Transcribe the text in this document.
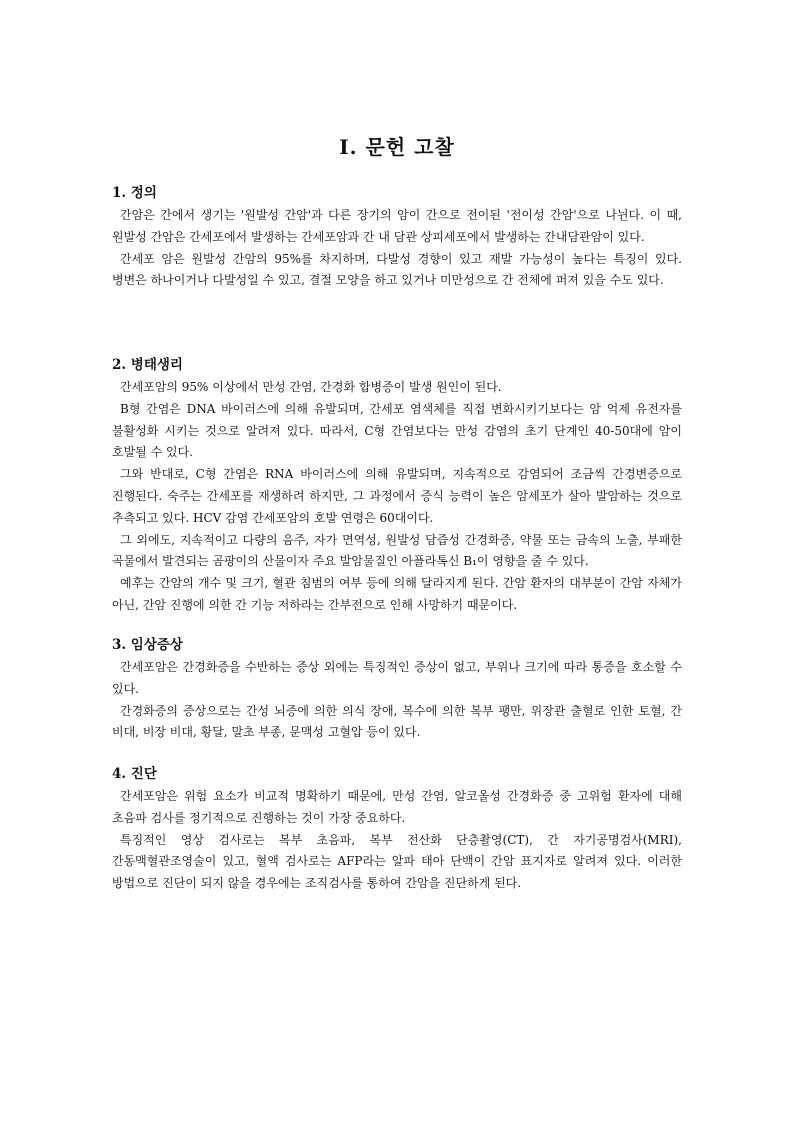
Ⅰ. 문헌 고찰
1. 정의

간암은 간에서 생기는 '원발성 간암'과 다른 장기의 암이 간으로 전이된 '전이성 간암'으로 나뉜다. 이 때, 원발성 간암은 간세포에서 발생하는 간세포암과 간 내 담관 상피세포에서 발생하는 간내담관암이 있다.

간세포 암은 원발성 간암의 95%를 차지하며, 다발성 경향이 있고 재발 가능성이 높다는 특징이 있다. 병변은 하나이거나 다발성일 수 있고, 결절 모양을 하고 있거나 미만성으로 간 전체에 퍼져 있을 수도 있다.

2. 병태생리

간세포암의 95% 이상에서 만성 간염, 간경화 합병증이 발생 원인이 된다.

B형 간염은 DNA 바이러스에 의해 유발되며, 간세포 염색체를 직접 변화시키기보다는 암 억제 유전자를 불활성화 시키는 것으로 알려져 있다. 따라서, C형 간염보다는 만성 감염의 초기 단계인 40-50대에 암이 호발될 수 있다.

그와 반대로, C형 간염은 RNA 바이러스에 의해 유발되며, 지속적으로 감염되어 조금씩 간경변증으로 진행된다. 숙주는 간세포를 재생하려 하지만, 그 과정에서 증식 능력이 높은 암세포가 살아 발암하는 것으로 추측되고 있다. HCV 감염 간세포암의 호발 연령은 60대이다.

그 외에도, 지속적이고 다량의 음주, 자가 면역성, 원발성 담즙성 간경화증, 약물 또는 금속의 노출, 부패한 곡물에서 발견되는 곰팡이의 산물이자 주요 발암물질인 아플라톡신 B₁이 영향을 줄 수 있다.

예후는 간암의 개수 및 크기, 혈관 침범의 여부 등에 의해 달라지게 된다. 간암 환자의 대부분이 간암 자체가 아닌, 간암 진행에 의한 간 기능 저하라는 간부전으로 인해 사망하기 때문이다.

3. 임상증상

간세포암은 간경화증을 수반하는 증상 외에는 특징적인 증상이 없고, 부위나 크기에 따라 통증을 호소할 수 있다.

간경화증의 증상으로는 간성 뇌증에 의한 의식 장애, 복수에 의한 복부 팽만, 위장관 출혈로 인한 토혈, 간 비대, 비장 비대, 황달, 말초 부종, 문맥성 고혈압 등이 있다.

4. 진단

간세포암은 위험 요소가 비교적 명확하기 때문에, 만성 간염, 알코올성 간경화증 중 고위험 환자에 대해 초음파 검사를 정기적으로 진행하는 것이 가장 중요하다.

특징적인 영상 검사로는 복부 초음파, 복부 전산화 단층촬영(CT), 간 자기공명검사(MRI), 간동맥혈관조영술이 있고, 혈액 검사로는 AFP라는 알파 태아 단백이 간암 표지자로 알려져 있다. 이러한 방법으로 진단이 되지 않을 경우에는 조직검사를 통하여 간암을 진단하게 된다.
